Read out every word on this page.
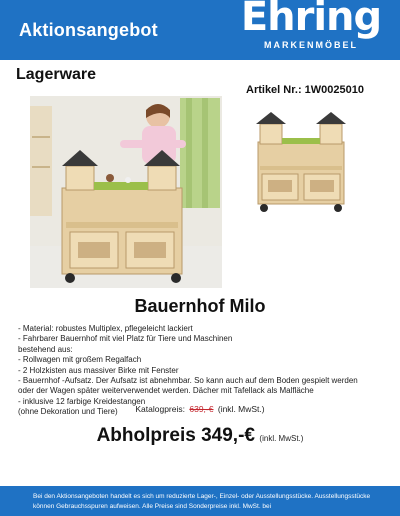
Aktionsangebot Ehring
MARKENMÖBEL
Lagerware
Artikel Nr.: 1W0025010
Bauernhof Milo
- Material: robustes Multiplex, pflegeleicht lackiert
- Fahrbarer Bauernhof mit viel Platz für Tiere und Maschinen
bestehend aus:
- Rollwagen mit großem Regalfach
- 2 Holzkisten aus massiver Birke mit Fenster
- Bauernhof -Aufsatz. Der Aufsatz ist abnehmbar. So kann auch auf dem Boden gespielt werden
oder der Wagen später weiterverwendet werden. Dächer mit Tafellack als Malfläche
- inklusive 12 farbige Kreidestangen
(ohne Dekoration und Tiere)	Katalogpreis: 639,-€ (inkl. MwSt.)
Abholpreis 349,-€ (inkl. MwSt.)
Bei den Aktionsangeboten handelt es sich um reduzierte Lager-, Einzel- oder Ausstellungsstücke. Ausstellungsstücke können Gebrauchsspuren aufweisen. Alle Preise sind Sonderpreise inkl. MwSt. bei
